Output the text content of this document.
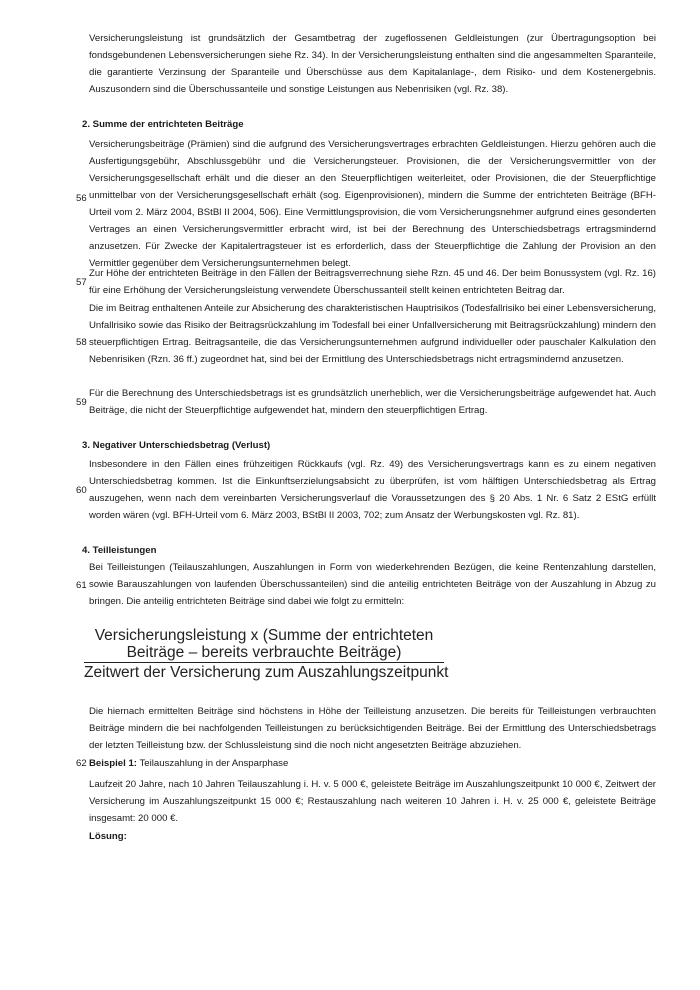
Versicherungsleistung ist grundsätzlich der Gesamtbetrag der zugeflossenen Geldleistungen (zur Übertragungsoption bei fondsgebundenen Lebensversicherungen siehe Rz. 34). In der Versicherungsleistung enthalten sind die angesammelten Sparanteile, die garantierte Verzinsung der Sparanteile und Überschüsse aus dem Kapitalanlage-, dem Risiko- und dem Kostenergebnis. Auszusondern sind die Überschussanteile und sonstige Leistungen aus Nebenrisiken (vgl. Rz. 38).

2. Summe der entrichteten Beiträge
56

Versicherungsbeiträge (Prämien) sind die aufgrund des Versicherungsvertrages erbrachten Geldleistungen. Hierzu gehören auch die Ausfertigungsgebühr, Abschlussgebühr und die Versicherungsteuer. Provisionen, die der Versicherungsvermittler von der Versicherungsgesellschaft erhält und die dieser an den Steuerpflichtigen weiterleitet, oder Provisionen, die der Steuerpflichtige unmittelbar von der Versicherungsgesellschaft erhält (sog. Eigenprovisionen), mindern die Summe der entrichteten Beiträge (BFH-Urteil vom 2. März 2004, BStBl II 2004, 506). Eine Vermittlungsprovision, die vom Versicherungsnehmer aufgrund eines gesonderten Vertrages an einen Versicherungsvermittler erbracht wird, ist bei der Berechnung des Unterschiedsbetrags ertragsmindernd anzusetzen. Für Zwecke der Kapitalertragsteuer ist es erforderlich, dass der Steuerpflichtige die Zahlung der Provision an den Vermittler gegenüber dem Versicherungsunternehmen belegt.

57

Zur Höhe der entrichteten Beiträge in den Fällen der Beitragsverrechnung siehe Rzn. 45 und 46. Der beim Bonussystem (vgl. Rz. 16) für eine Erhöhung der Versicherungsleistung verwendete Überschussanteil stellt keinen entrichteten Beitrag dar.

58

Die im Beitrag enthaltenen Anteile zur Absicherung des charakteristischen Hauptrisikos (Todesfallrisiko bei einer Lebensversicherung, Unfallrisiko sowie das Risiko der Beitragsrückzahlung im Todesfall bei einer Unfallversicherung mit Beitragsrückzahlung) mindern den steuerpflichtigen Ertrag. Beitragsanteile, die das Versicherungsunternehmen aufgrund individueller oder pauschaler Kalkulation den Nebenrisiken (Rzn. 36 ff.) zugeordnet hat, sind bei der Ermittlung des Unterschiedsbetrags nicht ertragsmindernd anzusetzen.

59

Für die Berechnung des Unterschiedsbetrags ist es grundsätzlich unerheblich, wer die Versicherungsbeiträge aufgewendet hat. Auch Beiträge, die nicht der Steuerpflichtige aufgewendet hat, mindern den steuerpflichtigen Ertrag.

3. Negativer Unterschiedsbetrag (Verlust)
60

Insbesondere in den Fällen eines frühzeitigen Rückkaufs (vgl. Rz. 49) des Versicherungsvertrags kann es zu einem negativen Unterschiedsbetrag kommen. Ist die Einkunftserzielungsabsicht zu überprüfen, ist vom hälftigen Unterschiedsbetrag als Ertrag auszugehen, wenn nach dem vereinbarten Versicherungsverlauf die Voraussetzungen des § 20 Abs. 1 Nr. 6 Satz 2 EStG erfüllt worden wären (vgl. BFH-Urteil vom 6. März 2003, BStBl II 2003, 702; zum Ansatz der Werbungskosten vgl. Rz. 81).

4. Teilleistungen
61

Bei Teilleistungen (Teilauszahlungen, Auszahlungen in Form von wiederkehrenden Bezügen, die keine Rentenzahlung darstellen, sowie Barauszahlungen von laufenden Überschussanteilen) sind die anteilig entrichteten Beiträge von der Auszahlung in Abzug zu bringen. Die anteilig entrichteten Beiträge sind dabei wie folgt zu ermitteln:

Versicherungsleistung x (Summe der entrichteten
Beiträge – bereits verbrauchte Beiträge)
Zeitwert der Versicherung zum Auszahlungszeitpunkt

Die hiernach ermittelten Beiträge sind höchstens in Höhe der Teilleistung anzusetzen. Die bereits für Teilleistungen verbrauchten Beiträge mindern die bei nachfolgenden Teilleistungen zu berücksichtigenden Beiträge. Bei der Ermittlung des Unterschiedsbetrags der letzten Teilleistung bzw. der Schlussleistung sind die noch nicht angesetzten Beiträge abzuziehen.

62 Beispiel 1: Teilauszahlung in der Ansparphase

Laufzeit 20 Jahre, nach 10 Jahren Teilauszahlung i. H. v. 5 000 €, geleistete Beiträge im Auszahlungszeitpunkt 10 000 €, Zeitwert der Versicherung im Auszahlungszeitpunkt 15 000 €; Restauszahlung nach weiteren 10 Jahren i. H. v. 25 000 €, geleistete Beiträge insgesamt: 20 000 €.

Lösung:
